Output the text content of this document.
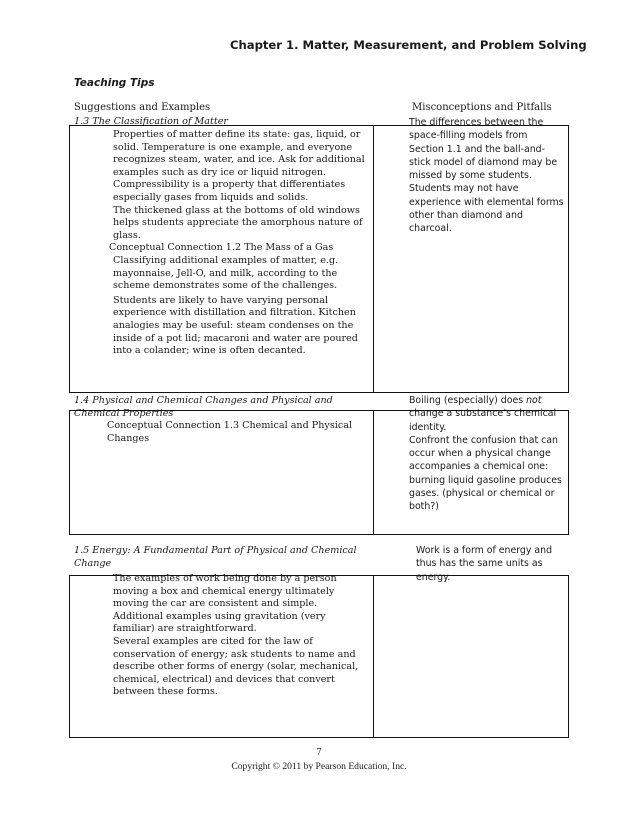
Chapter 1. Matter, Measurement, and Problem Solving
Teaching Tips
Suggestions and Examples	Misconceptions and Pitfalls
1.3 The Classification of Matter

Properties of matter define its state: gas, liquid, or solid. Temperature is one example, and everyone recognizes steam, water, and ice. Ask for additional examples such as dry ice or liquid nitrogen.

Compressibility is a property that differentiates especially gases from liquids and solids.

The thickened glass at the bottoms of old windows helps students appreciate the amorphous nature of glass.

Conceptual Connection 1.2 The Mass of a Gas

Classifying additional examples of matter, e.g. mayonnaise, Jell-O, and milk, according to the scheme demonstrates some of the challenges.

Students are likely to have varying personal experience with distillation and filtration. Kitchen analogies may be useful: steam condenses on the inside of a pot lid; macaroni and water are poured into a colander; wine is often decanted.

The differences between the space-filling models from Section 1.1 and the ball-and-stick model of diamond may be missed by some students. Students may not have experience with elemental forms other than diamond and charcoal.
1.4 Physical and Chemical Changes and Physical and Chemical Properties

Conceptual Connection 1.3 Chemical and Physical Changes

Boiling (especially) does not change a substance’s chemical identity.

Confront the confusion that can occur when a physical change accompanies a chemical one: burning liquid gasoline produces gases. (physical or chemical or both?)

1.5 Energy: A Fundamental Part of Physical and Chemical Change

The examples of work being done by a person moving a box and chemical energy ultimately moving the car are consistent and simple.

Additional examples using gravitation (very familiar) are straightforward.

Several examples are cited for the law of conservation of energy; ask students to name and describe other forms of energy (solar, mechanical, chemical, electrical) and devices that convert between these forms.

Work is a form of energy and thus has the same units as energy.
7
Copyright © 2011 by Pearson Education, Inc.
